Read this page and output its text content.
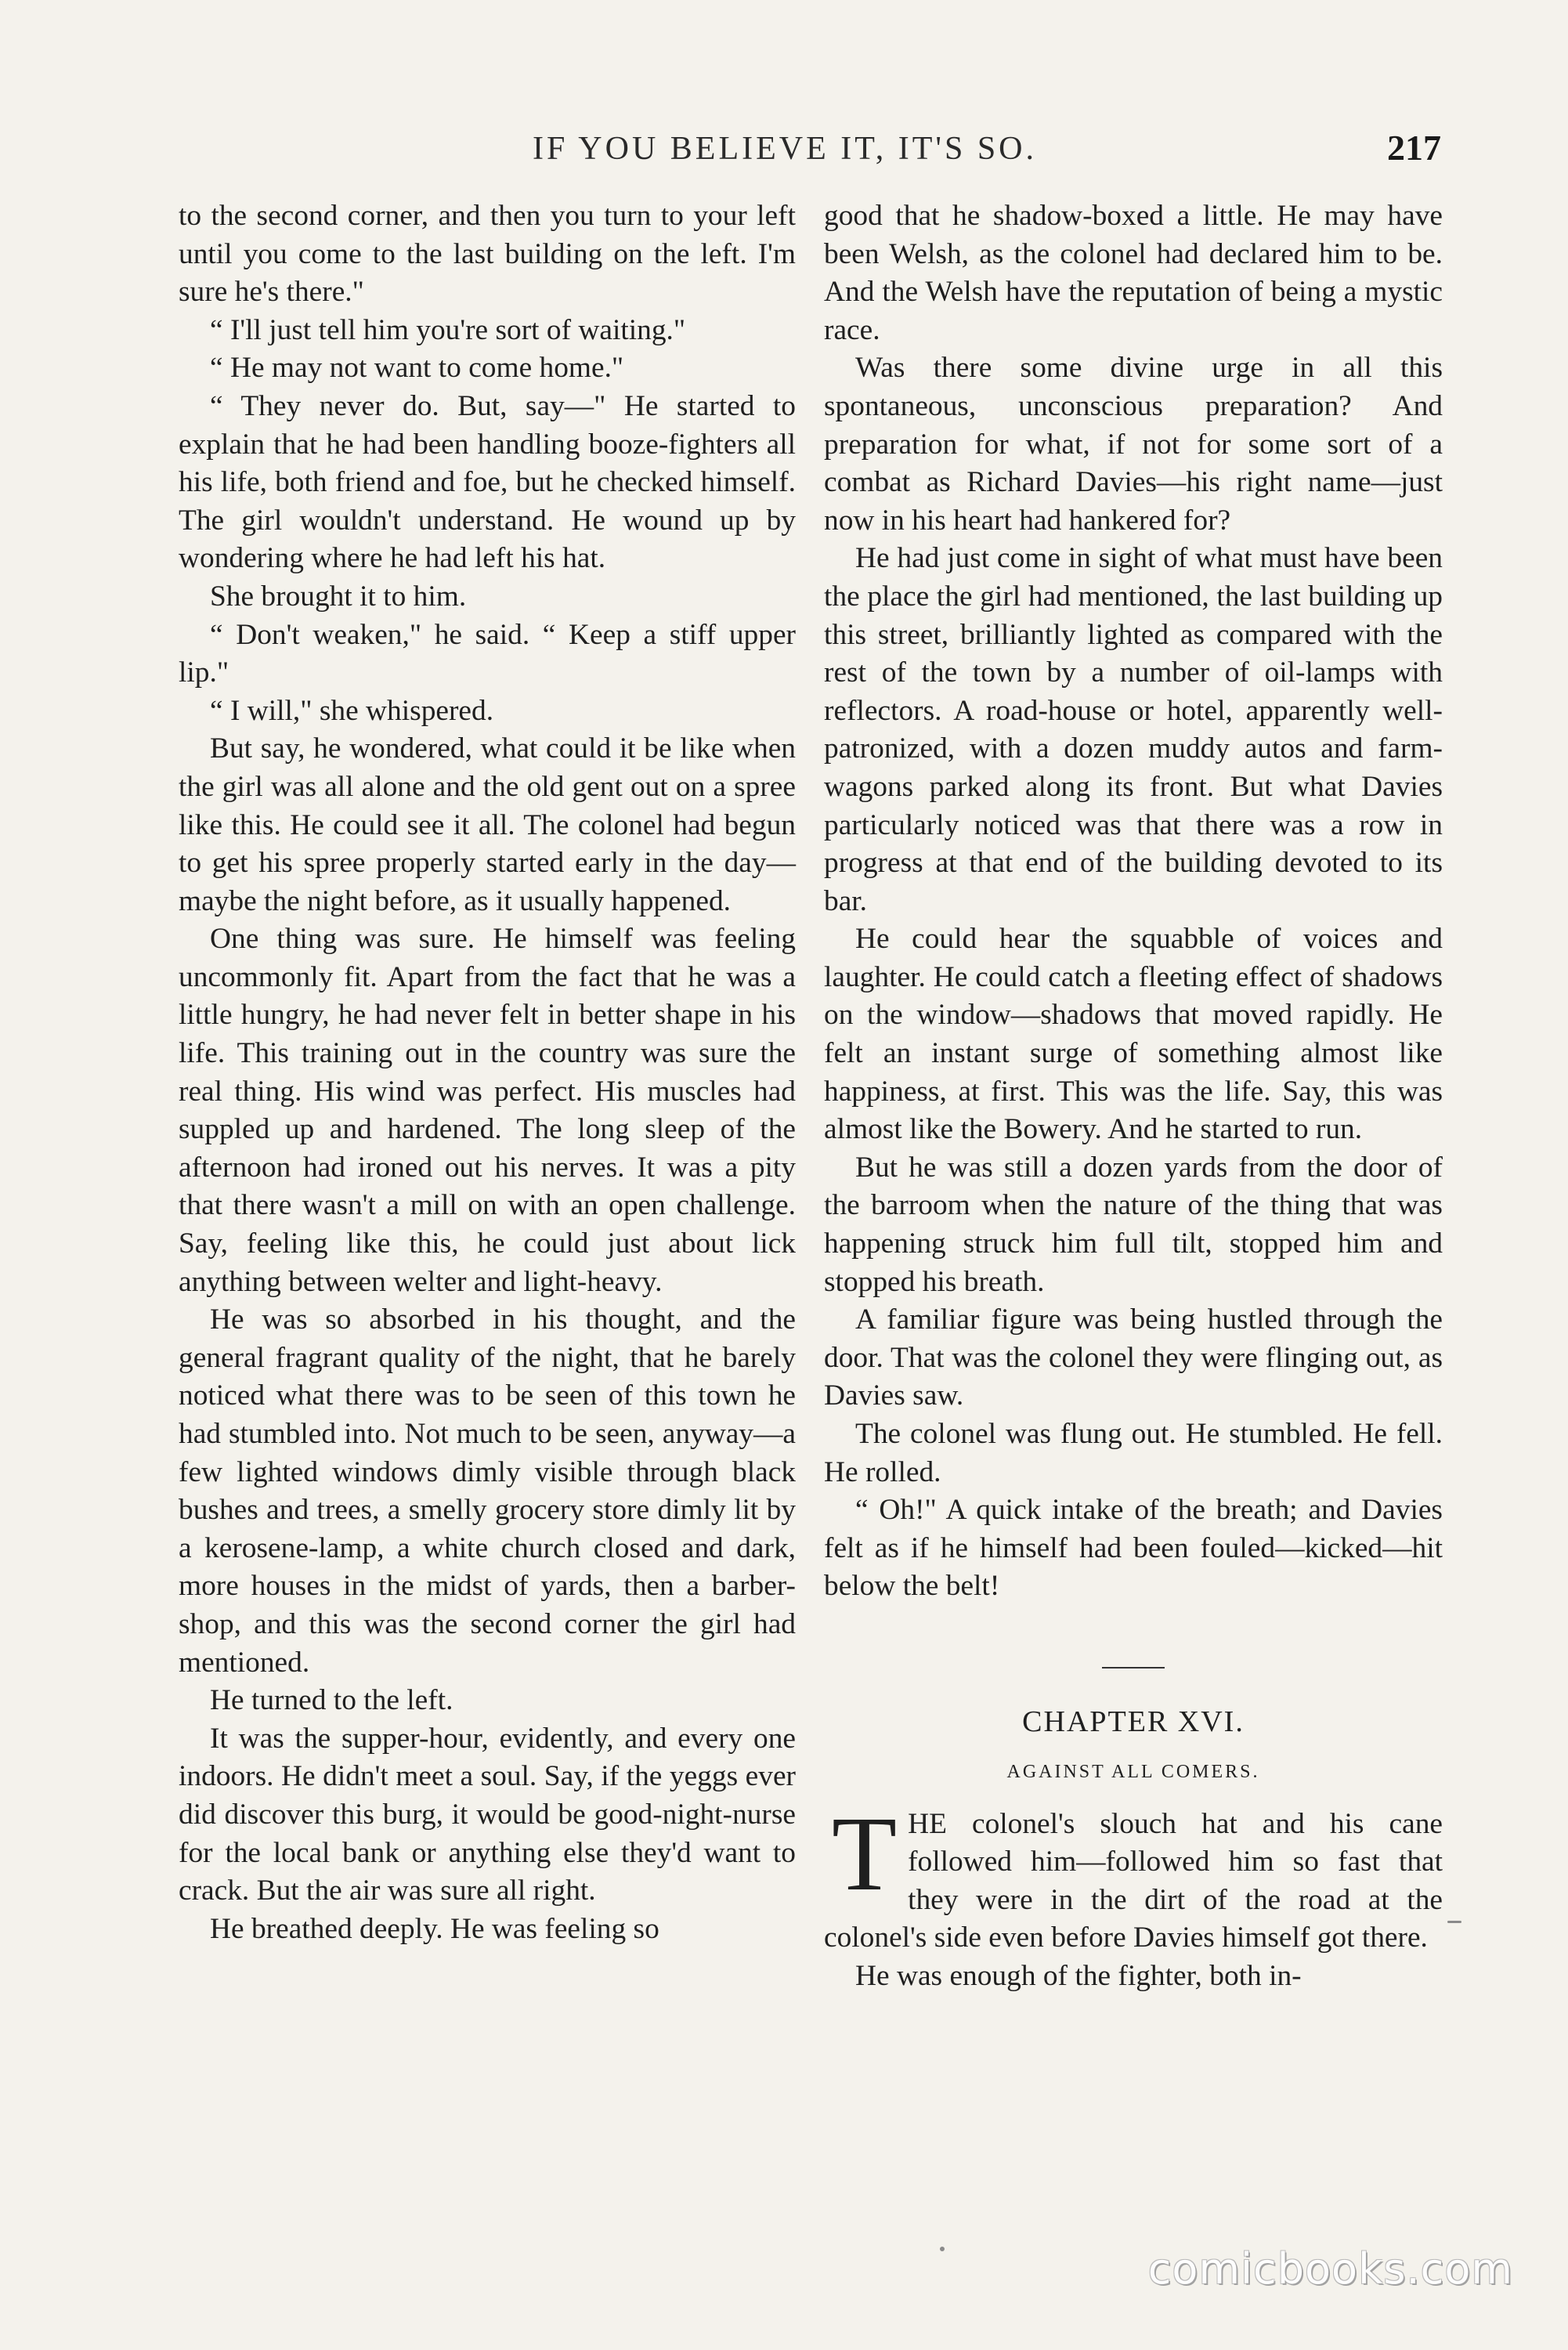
IF YOU BELIEVE IT, IT'S SO.	217

to the second corner, and then you turn to your left until you come to the last building on the left. I'm sure he's there."

“ I'll just tell him you're sort of waiting."

“ He may not want to come home."

“ They never do. But, say—" He started to explain that he had been handling booze-fighters all his life, both friend and foe, but he checked himself. The girl wouldn't understand. He wound up by wondering where he had left his hat.

She brought it to him.

“ Don't weaken," he said. “ Keep a stiff upper lip."

“ I will," she whispered.

But say, he wondered, what could it be like when the girl was all alone and the old gent out on a spree like this. He could see it all. The colonel had begun to get his spree properly started early in the day—maybe the night before, as it usually happened.

One thing was sure. He himself was feeling uncommonly fit. Apart from the fact that he was a little hungry, he had never felt in better shape in his life. This training out in the country was sure the real thing. His wind was perfect. His muscles had suppled up and hardened. The long sleep of the afternoon had ironed out his nerves. It was a pity that there wasn't a mill on with an open challenge. Say, feeling like this, he could just about lick anything between welter and light-heavy.

He was so absorbed in his thought, and the general fragrant quality of the night, that he barely noticed what there was to be seen of this town he had stumbled into. Not much to be seen, anyway—a few lighted windows dimly visible through black bushes and trees, a smelly grocery store dimly lit by a kerosene-lamp, a white church closed and dark, more houses in the midst of yards, then a barber-shop, and this was the second corner the girl had mentioned.

He turned to the left.

It was the supper-hour, evidently, and every one indoors. He didn't meet a soul. Say, if the yeggs ever did discover this burg, it would be good-night-nurse for the local bank or anything else they'd want to crack. But the air was sure all right.

He breathed deeply. He was feeling so

good that he shadow-boxed a little. He may have been Welsh, as the colonel had declared him to be. And the Welsh have the reputation of being a mystic race.

Was there some divine urge in all this spontaneous, unconscious preparation? And preparation for what, if not for some sort of a combat as Richard Davies—his right name—just now in his heart had hankered for?

He had just come in sight of what must have been the place the girl had mentioned, the last building up this street, brilliantly lighted as compared with the rest of the town by a number of oil-lamps with reflectors. A road-house or hotel, apparently well-patronized, with a dozen muddy autos and farm-wagons parked along its front. But what Davies particularly noticed was that there was a row in progress at that end of the building devoted to its bar.

He could hear the squabble of voices and laughter. He could catch a fleeting effect of shadows on the window—shadows that moved rapidly. He felt an instant surge of something almost like happiness, at first. This was the life. Say, this was almost like the Bowery. And he started to run.

But he was still a dozen yards from the door of the barroom when the nature of the thing that was happening struck him full tilt, stopped him and stopped his breath.

A familiar figure was being hustled through the door. That was the colonel they were flinging out, as Davies saw.

The colonel was flung out. He stumbled. He fell. He rolled.

“ Oh!" A quick intake of the breath; and Davies felt as if he himself had been fouled—kicked—hit below the belt!

CHAPTER XVI.
AGAINST ALL COMERS.

THE colonel's slouch hat and his cane followed him—followed him so fast that they were in the dirt of the road at the colonel's side even before Davies himself got there.

He was enough of the fighter, both in-

comicbooks.com
